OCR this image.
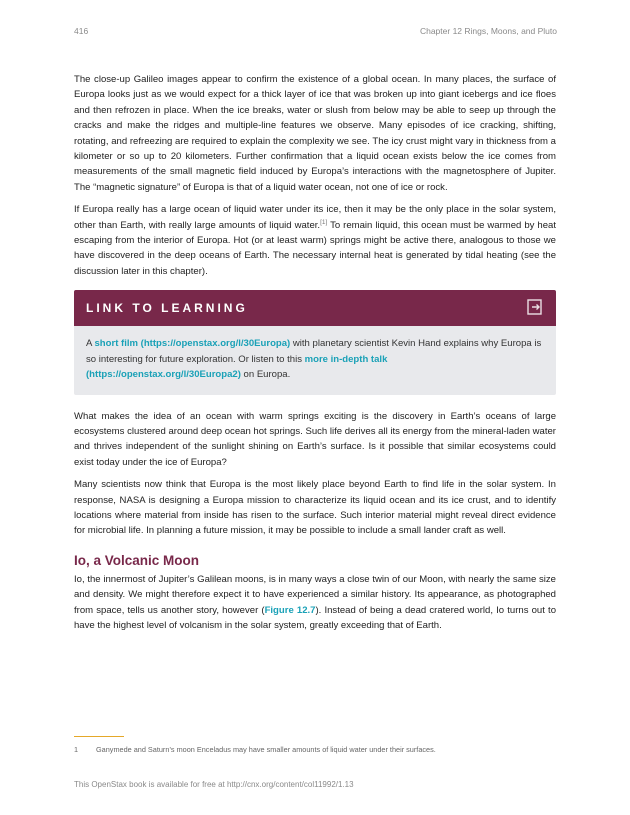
416	Chapter 12 Rings, Moons, and Pluto

The close-up Galileo images appear to confirm the existence of a global ocean. In many places, the surface of Europa looks just as we would expect for a thick layer of ice that was broken up into giant icebergs and ice floes and then refrozen in place. When the ice breaks, water or slush from below may be able to seep up through the cracks and make the ridges and multiple-line features we observe. Many episodes of ice cracking, shifting, rotating, and refreezing are required to explain the complexity we see. The icy crust might vary in thickness from a kilometer or so up to 20 kilometers. Further confirmation that a liquid ocean exists below the ice comes from measurements of the small magnetic field induced by Europa’s interactions with the magnetosphere of Jupiter. The “magnetic signature” of Europa is that of a liquid water ocean, not one of ice or rock.

If Europa really has a large ocean of liquid water under its ice, then it may be the only place in the solar system, other than Earth, with really large amounts of liquid water.[1] To remain liquid, this ocean must be warmed by heat escaping from the interior of Europa. Hot (or at least warm) springs might be active there, analogous to those we have discovered in the deep oceans of Earth. The necessary internal heat is generated by tidal heating (see the discussion later in this chapter).

LINK TO LEARNING
A short film (https://openstax.org/l/30Europa) with planetary scientist Kevin Hand explains why Europa is so interesting for future exploration. Or listen to this more in-depth talk (https://openstax.org/l/30Europa2) on Europa.

What makes the idea of an ocean with warm springs exciting is the discovery in Earth’s oceans of large ecosystems clustered around deep ocean hot springs. Such life derives all its energy from the mineral-laden water and thrives independent of the sunlight shining on Earth’s surface. Is it possible that similar ecosystems could exist today under the ice of Europa?

Many scientists now think that Europa is the most likely place beyond Earth to find life in the solar system. In response, NASA is designing a Europa mission to characterize its liquid ocean and its ice crust, and to identify locations where material from inside has risen to the surface. Such interior material might reveal direct evidence for microbial life. In planning a future mission, it may be possible to include a small lander craft as well.

Io, a Volcanic Moon

Io, the innermost of Jupiter’s Galilean moons, is in many ways a close twin of our Moon, with nearly the same size and density. We might therefore expect it to have experienced a similar history. Its appearance, as photographed from space, tells us another story, however (Figure 12.7). Instead of being a dead cratered world, Io turns out to have the highest level of volcanism in the solar system, greatly exceeding that of Earth.

1 Ganymede and Saturn’s moon Enceladus may have smaller amounts of liquid water under their surfaces.
This OpenStax book is available for free at http://cnx.org/content/col11992/1.13
